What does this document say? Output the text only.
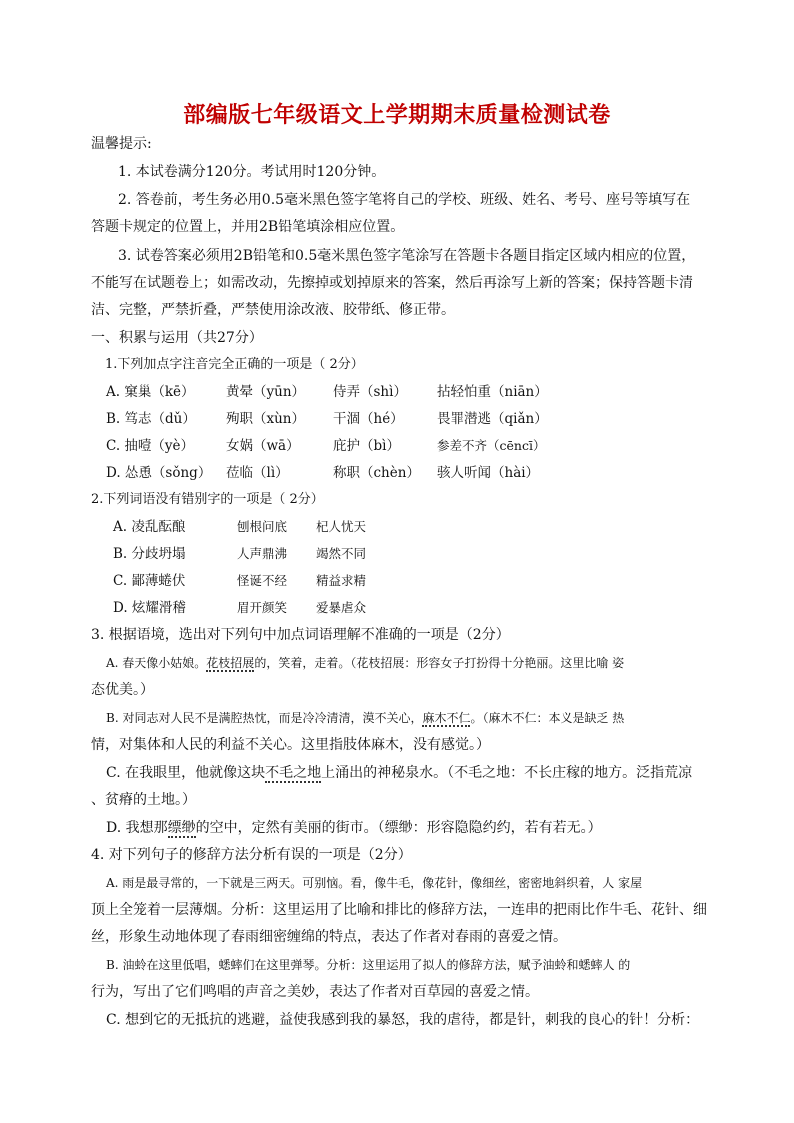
部编版七年级语文上学期期末质量检测试卷
温馨提示:
1. 本试卷满分120分。考试用时120分钟。
2. 答卷前，考生务必用0.5毫米黑色签字笔将自己的学校、班级、姓名、考号、座号等填写在
答题卡规定的位置上，并用2B铅笔填涂相应位置。
3. 试卷答案必须用2B铅笔和0.5毫米黑色签字笔涂写在答题卡各题目指定区域内相应的位置，
不能写在试题卷上；如需改动，先擦掉或划掉原来的答案，然后再涂写上新的答案；保持答题卡清
洁、完整，严禁折叠，严禁使用涂改液、胶带纸、修正带。
一、积累与运用（共27分）
1.下列加点字注音完全正确的一项是（ 2分）
A. 窠巢（kē） 黄晕（yūn） 侍弄（shì） 拈轻怕重（niān）
B. 笃志（dǔ） 殉职（xùn） 干涸（hé） 畏罪潜逃（qiǎn）
C. 抽噎（yè） 女娲（wā） 庇护（bì）	参差不齐（cēncī）
D. 怂恿（sǒng） 莅临（lì）	称职（chèn） 骇人听闻（hài）
2.下列词语没有错别字的一项是（ 2分）
A. 凌乱酝酿	刨根问底 杞人忧天
B. 分歧坍塌	人声鼎沸 竭然不同
C. 鄙薄蜷伏	怪诞不经 精益求精
D. 炫耀滑稽	眉开颜笑 爱暴虐众
3. 根据语境，选出对下列句中加点词语理解不准确的一项是（2分）
A. 春天像小姑娘。花枝招展的，笑着，走着。（花枝招展：形容女子打扮得十分艳丽。这里比喻 姿
态优美。）
B. 对同志对人民不是满腔热忱，而是冷冷清清，漠不关心，麻木不仁。（麻木不仁：本义是缺乏 热
情，对集体和人民的利益不关心。这里指肢体麻木，没有感觉。）
C. 在我眼里，他就像这块不毛之地上涌出的神秘泉水。（不毛之地：不长庄稼的地方。泛指荒凉
、贫瘠的土地。）
D. 我想那缥缈的空中，定然有美丽的街市。（缥缈：形容隐隐约约，若有若无。）
4. 对下列句子的修辞方法分析有误的一项是（2分）
A. 雨是最寻常的，一下就是三两天。可别恼。看，像牛毛，像花针，像细丝，密密地斜织着，人 家屋
顶上全笼着一层薄烟。分析：这里运用了比喻和排比的修辞方法，一连串的把雨比作牛毛、花针、细
丝，形象生动地体现了春雨细密缠绵的特点，表达了作者对春雨的喜爱之情。
B. 油蛉在这里低唱，蟋蟀们在这里弹琴。分析：这里运用了拟人的修辞方法，赋予油蛉和蟋蟀人 的
行为，写出了它们鸣唱的声音之美妙，表达了作者对百草园的喜爱之情。
C. 想到它的无抵抗的逃避，益使我感到我的暴怒，我的虐待，都是针，刺我的良心的针！分析：
